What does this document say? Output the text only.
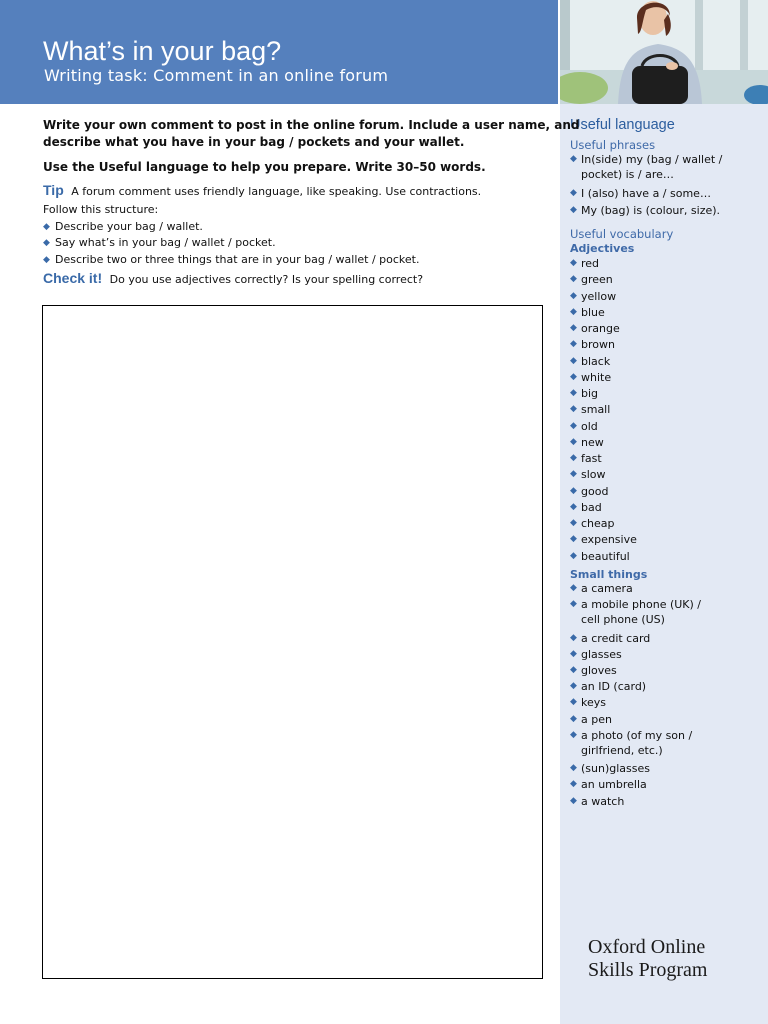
What’s in your bag?
Writing task: Comment in an online forum
Useful language
Useful phrases
◆ In(side) my (bag / wallet /
pocket) is / are…
◆ I (also) have a / some…
◆ My (bag) is (colour, size).
Useful vocabulary
Adjectives
◆ red
◆ green
◆ yellow
◆ blue
◆ orange
◆ brown
◆ black
◆ white
◆ big
◆ small
◆ old
◆ new
◆ fast
◆ slow
◆ good
◆ bad
◆ cheap
◆ expensive
◆ beautiful
Small things
◆ a camera
◆ a mobile phone (UK) /
cell phone (US)
◆ a credit card
◆ glasses
◆ gloves
◆ an ID (card)
◆ keys
◆ a pen
◆ a photo (of my son /
girlfriend, etc.)
◆ (sun)glasses
◆ an umbrella
◆ a watch
Write your own comment to post in the online forum. Include a user name, and
describe what you have in your bag / pockets and your wallet.
Use the Useful language to help you prepare. Write 30–50 words.
Tip A forum comment uses friendly language, like speaking. Use contractions.
Follow this structure:
◆ Describe your bag / wallet.
◆ Say what’s in your bag / wallet / pocket.
◆ Describe two or three things that are in your bag / wallet / pocket.
Check it! Do you use adjectives correctly? Is your spelling correct?
Oxford Online
Skills Program
